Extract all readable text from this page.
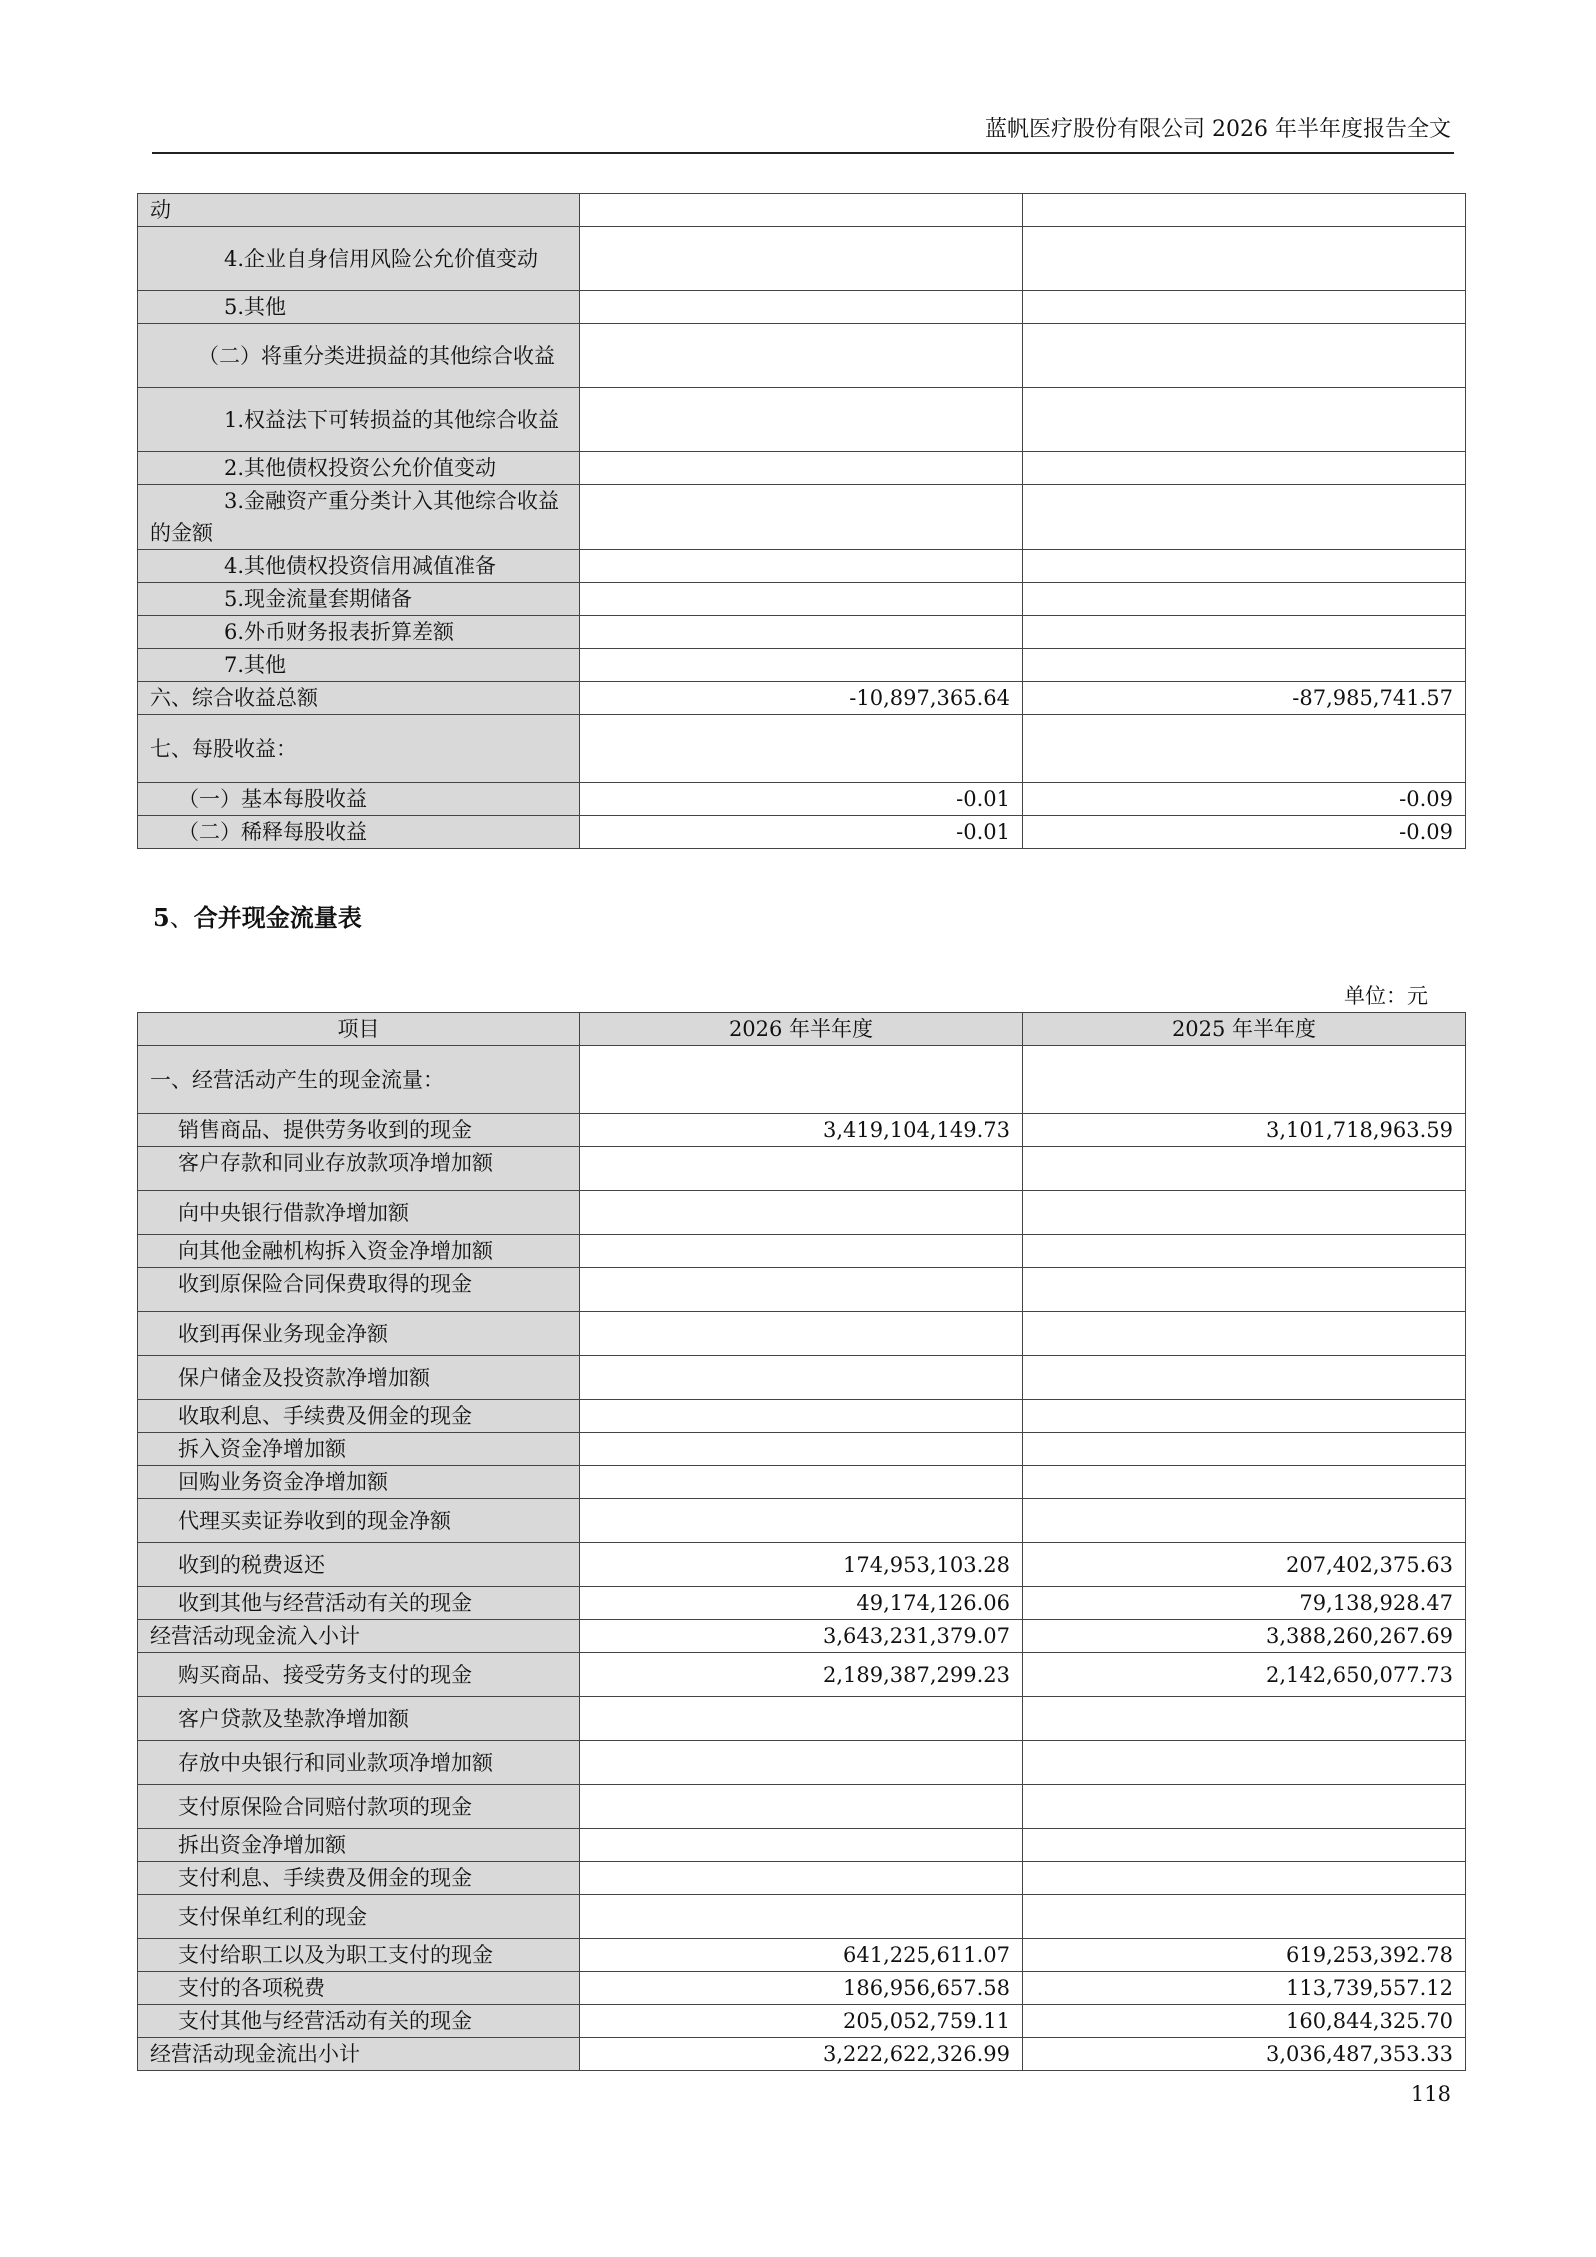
蓝帆医疗股份有限公司 2026 年半年度报告全文
动		
4.企业自身信用风险公允价值变动		
5.其他		
（二）将重分类进损益的其他综合收益		
1.权益法下可转损益的其他综合收益		
2.其他债权投资公允价值变动		
3.金融资产重分类计入其他综合收益的金额		
4.其他债权投资信用减值准备		
5.现金流量套期储备		
6.外币财务报表折算差额		
7.其他		
六、综合收益总额	-10,897,365.64	-87,985,741.57
七、每股收益：		
（一）基本每股收益	-0.01	-0.09
（二）稀释每股收益	-0.01	-0.09
5、合并现金流量表
单位：元
项目	2026 年半年度	2025 年半年度
一、经营活动产生的现金流量：		
销售商品、提供劳务收到的现金	3,419,104,149.73	3,101,718,963.59
客户存款和同业存放款项净增加额		
向中央银行借款净增加额		
向其他金融机构拆入资金净增加额		
收到原保险合同保费取得的现金		
收到再保业务现金净额		
保户储金及投资款净增加额		
收取利息、手续费及佣金的现金		
拆入资金净增加额		
回购业务资金净增加额		
代理买卖证券收到的现金净额		
收到的税费返还	174,953,103.28	207,402,375.63
收到其他与经营活动有关的现金	49,174,126.06	79,138,928.47
经营活动现金流入小计	3,643,231,379.07	3,388,260,267.69
购买商品、接受劳务支付的现金	2,189,387,299.23	2,142,650,077.73
客户贷款及垫款净增加额		
存放中央银行和同业款项净增加额		
支付原保险合同赔付款项的现金		
拆出资金净增加额		
支付利息、手续费及佣金的现金		
支付保单红利的现金		
支付给职工以及为职工支付的现金	641,225,611.07	619,253,392.78
支付的各项税费	186,956,657.58	113,739,557.12
支付其他与经营活动有关的现金	205,052,759.11	160,844,325.70
经营活动现金流出小计	3,222,622,326.99	3,036,487,353.33
118
